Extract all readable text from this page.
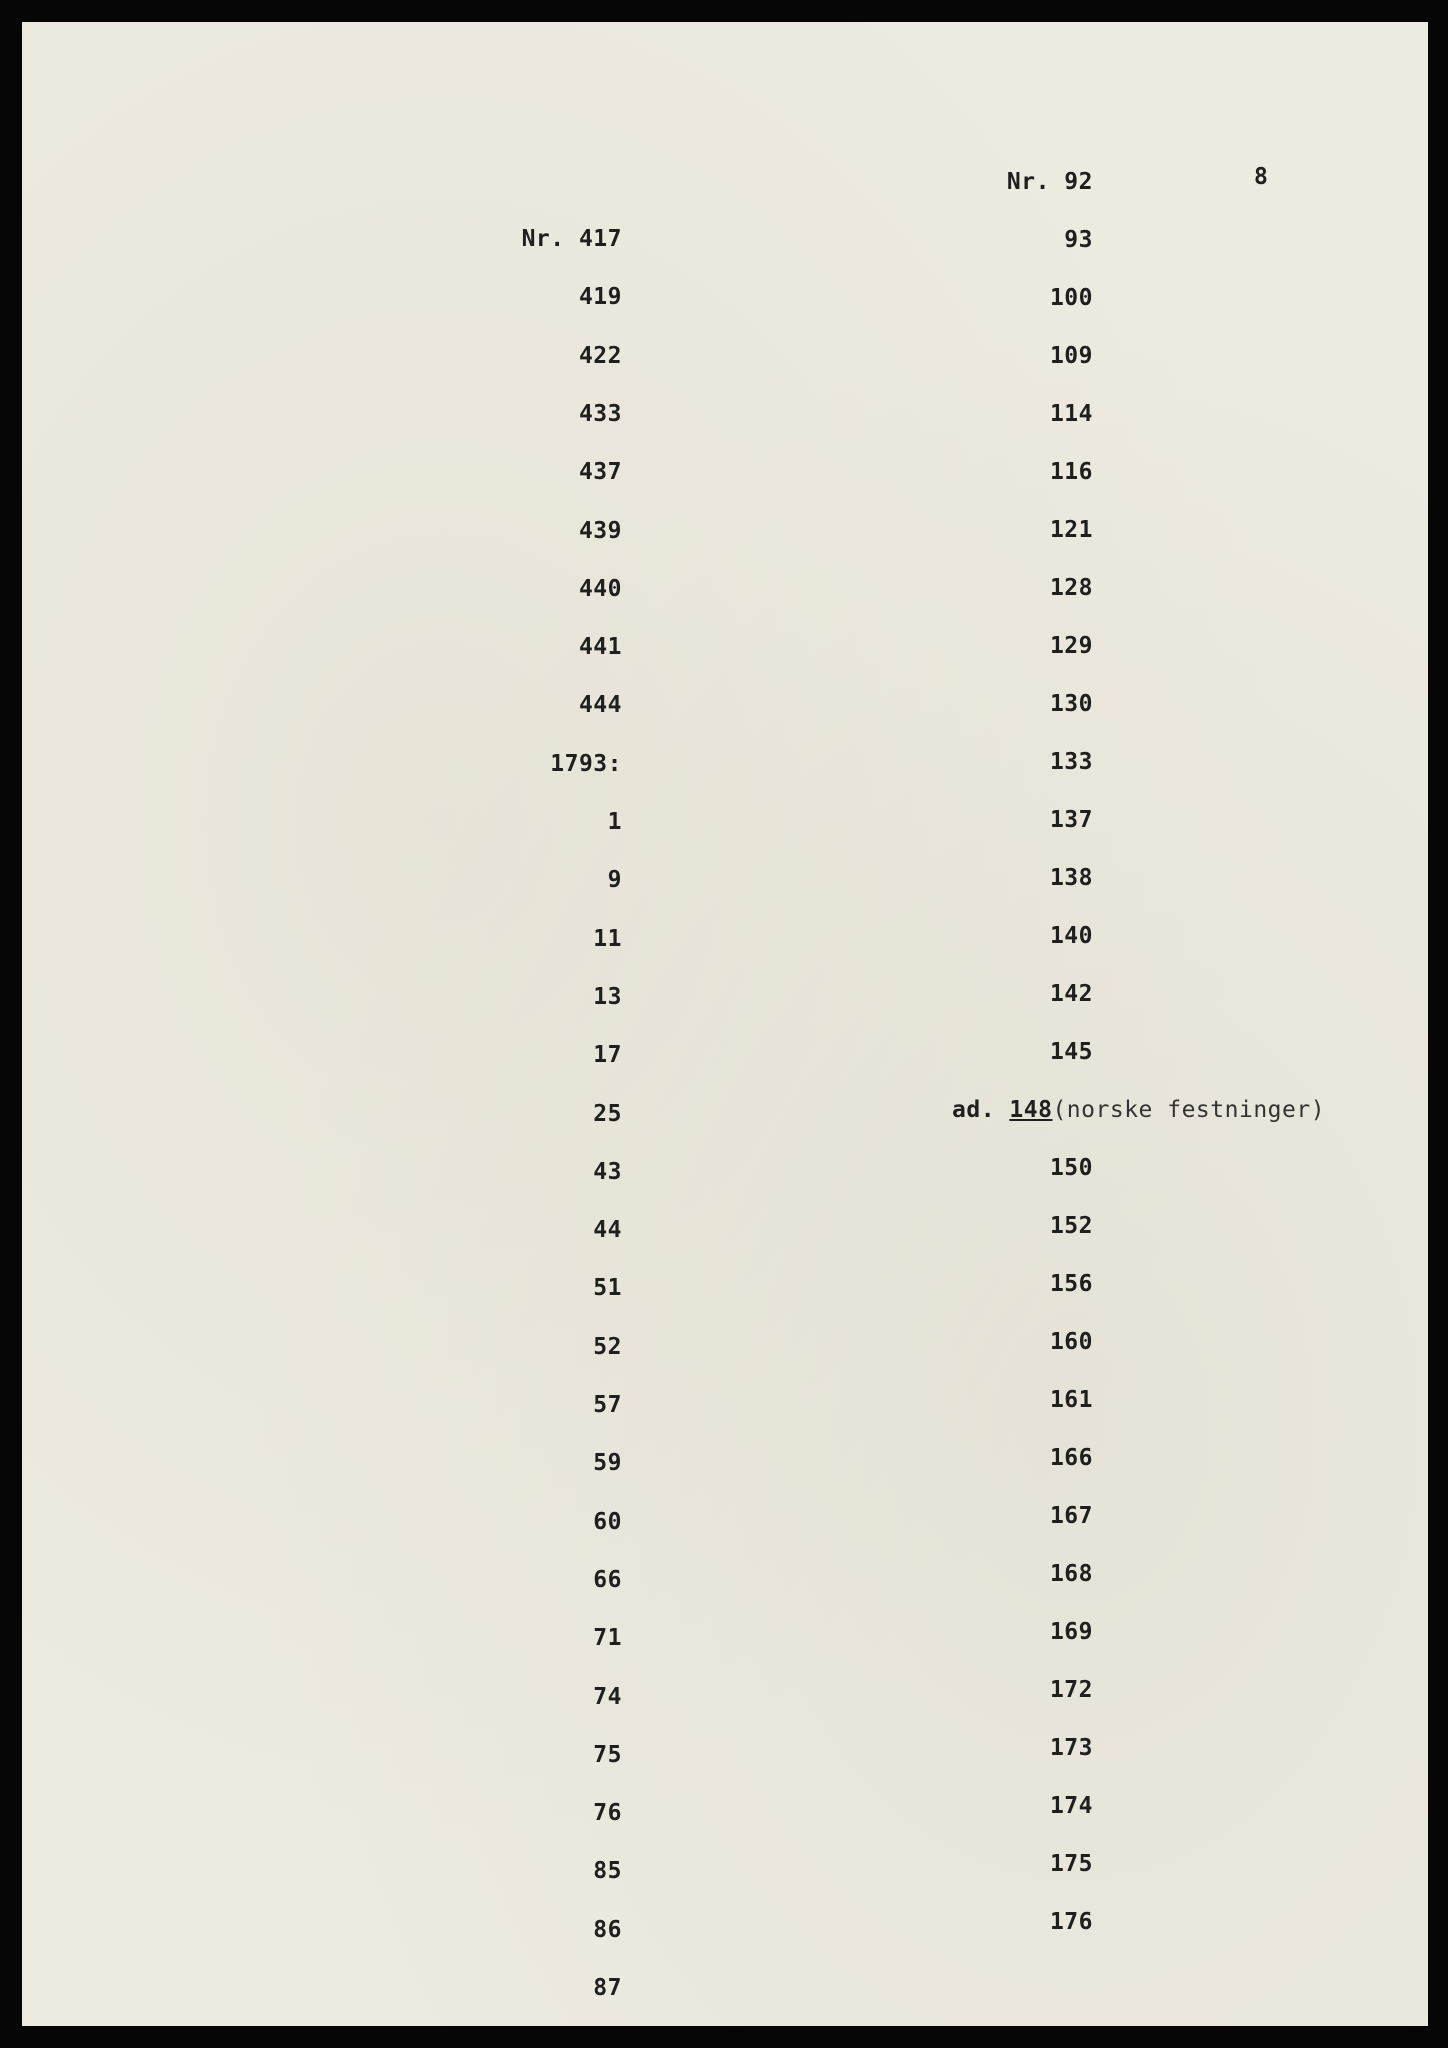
8
Nr. 417
419
422
433
437
439
440
441
444
1793:
1
9
11
13
17
25
43
44
51
52
57
59
60
66
71
74
75
76
85
86
87
Nr. 92
93
100
109
114
116
121
128
129
130
133
137
138
140
142
145
ad. 148(norske festninger)
150
152
156
160
161
166
167
168
169
172
173
174
175
176
